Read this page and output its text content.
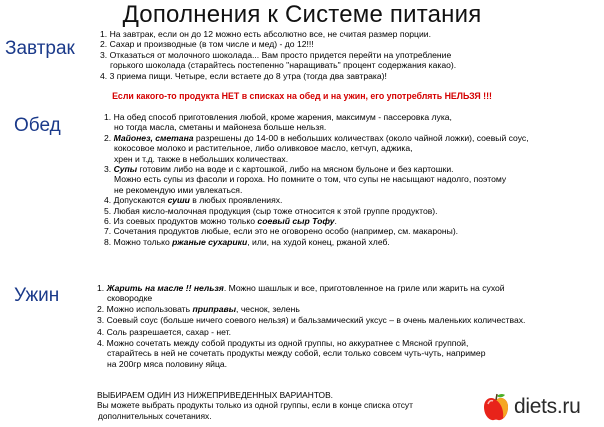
Дополнения к Системе питания
Завтрак
1. На завтрак, если он до 12 можно есть абсолютно все, не считая размер порции.
2. Сахар и производные (в том числе и мед) - до 12!!!
3. Отказаться от молочного шоколада... Вам просто придется перейти на употребление
горького шоколада (старайтесь постепенно "наращивать" процент содержания какао).
4. 3 приема пищи. Четыре, если встаете до 8 утра (тогда два завтрака)!
Если какого-то продукта НЕТ в списках на обед и на ужин, его употреблять НЕЛЬЗЯ !!!
Обед	1. На обед способ приготовления любой, кроме жарения, максимум - пассеровка лука,
но тогда масла, сметаны и майонеза больше нельзя.
2. Майонез, сметана разрешены до 14-00 в небольших количествах (около чайной ложки), соевый соус,
кокосовое молоко и растительное, либо оливковое масло, кетчуп, аджика,
хрен и т.д. также в небольших количествах.
3. Супы готовим либо на воде и с картошкой, либо на мясном бульоне и без картошки.
Можно есть супы из фасоли и гороха. Но помните о том, что супы не насыщают надолго, поэтому
не рекомендую ими увлекаться.
4. Допускаются суши в любых проявлениях.
5. Любая кисло-молочная продукция (сыр тоже относится к этой группе продуктов).
6. Из соевых продуктов можно только соевый сыр Тофу.
7. Сочетания продуктов любые, если это не оговорено особо (например, см. макароны).
8. Можно только ржаные сухарики, или, на худой конец, ржаной хлеб.
Ужин	1. Жарить на масле !! нельзя. Можно шашлык и все, приготовленное на гриле или жарить на сухой
сковородке
2. Можно использовать приправы, чеснок, зелень
3. Соевый соус (больше ничего соевого нельзя) и бальзамический уксус – в очень маленьких количествах.
4. Соль разрешается, сахар - нет.
4. Можно сочетать между собой продукты из одной группы, но аккуратнее с Мясной группой,
старайтесь в ней не сочетать продукты между собой, если только совсем чуть-чуть, например
на 200гр мяса половину яйца.
ВЫБИРАЕМ ОДИН ИЗ НИЖЕПРИВЕДЕННЫХ ВАРИАНТОВ.
Вы можете выбрать продукты только из одной группы, если в конце списка отсут
дополнительных сочетаниях.	diets.ru
